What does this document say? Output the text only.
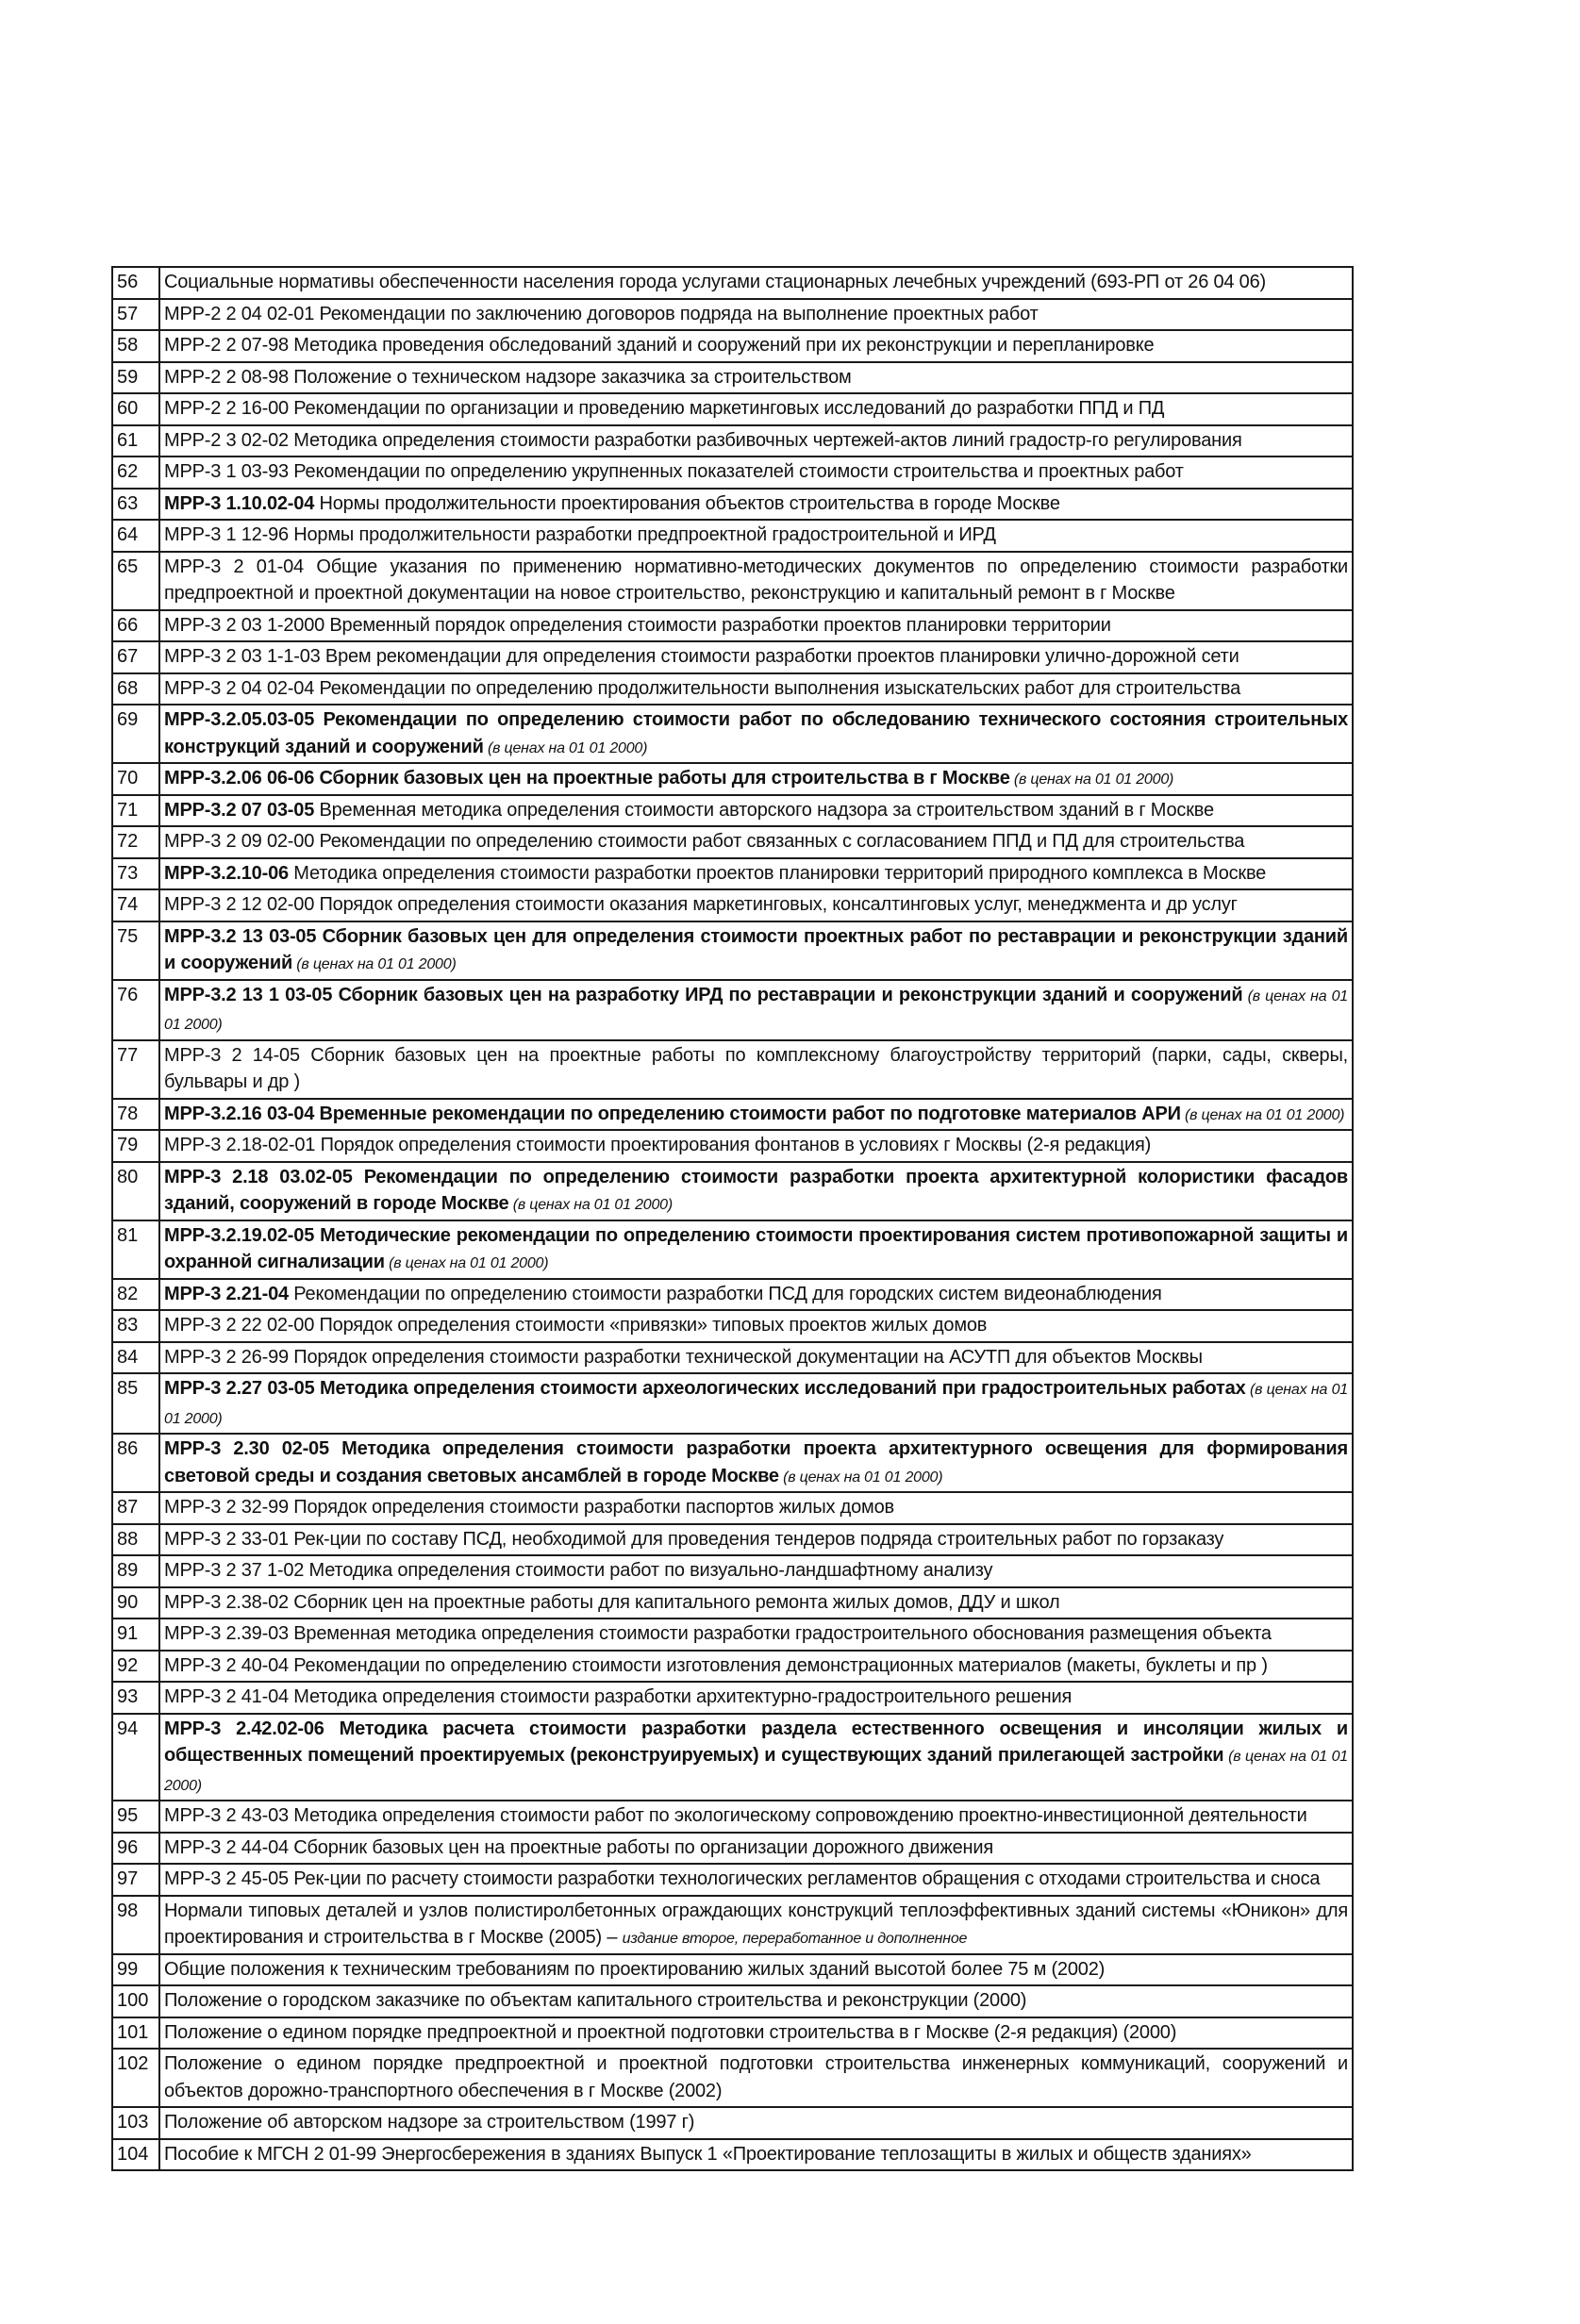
56	Социальные нормативы обеспеченности населения города услугами стационарных лечебных учреждений (693-РП от 26 04 06)
57	МРР-2 2 04 02-01 Рекомендации по заключению договоров подряда на выполнение проектных работ
58	МРР-2 2 07-98 Методика проведения обследований зданий и сооружений при их реконструкции и перепланировке
59	МРР-2 2 08-98 Положение о техническом надзоре заказчика за строительством
60	МРР-2 2 16-00 Рекомендации по организации и проведению маркетинговых исследований до разработки ППД и ПД
61	МРР-2 3 02-02 Методика определения стоимости разработки разбивочных чертежей-актов линий градостр-го регулирования
62	МРР-3 1 03-93 Рекомендации по определению укрупненных показателей стоимости строительства и проектных работ
63	МРР-3 1.10.02-04 Нормы продолжительности проектирования объектов строительства в городе Москве
64	МРР-3 1 12-96 Нормы продолжительности разработки предпроектной градостроительной и ИРД
65	МРР-3 2 01-04 Общие указания по применению нормативно-методических документов по определению стоимости разработки предпроектной и проектной документации на новое строительство, реконструкцию и капитальный ремонт в г Москве
66	МРР-3 2 03 1-2000 Временный порядок определения стоимости разработки проектов планировки территории
67	МРР-3 2 03 1-1-03 Врем рекомендации для определения стоимости разработки проектов планировки улично-дорожной сети
68	МРР-3 2 04 02-04 Рекомендации по определению продолжительности выполнения изыскательских работ для строительства
69	МРР-3.2.05.03-05 Рекомендации по определению стоимости работ по обследованию технического состояния строительных конструкций зданий и сооружений (в ценах на 01 01 2000)
70	МРР-3.2.06 06-06 Сборник базовых цен на проектные работы для строительства в г Москве (в ценах на 01 01 2000)
71	МРР-3.2 07 03-05 Временная методика определения стоимости авторского надзора за строительством зданий в г Москве
72	МРР-3 2 09 02-00 Рекомендации по определению стоимости работ связанных с согласованием ППД и ПД для строительства
73	МРР-3.2.10-06 Методика определения стоимости разработки проектов планировки территорий природного комплекса в Москве
74	МРР-3 2 12 02-00 Порядок определения стоимости оказания маркетинговых, консалтинговых услуг, менеджмента и др услуг
75	МРР-3.2 13 03-05 Сборник базовых цен для определения стоимости проектных работ по реставрации и реконструкции зданий и сооружений (в ценах на 01 01 2000)
76	МРР-3.2 13 1 03-05 Сборник базовых цен на разработку ИРД по реставрации и реконструкции зданий и сооружений (в ценах на 01 01 2000)
77	МРР-3 2 14-05 Сборник базовых цен на проектные работы по комплексному благоустройству территорий (парки, сады, скверы, бульвары и др )
78	МРР-3.2.16 03-04 Временные рекомендации по определению стоимости работ по подготовке материалов АРИ (в ценах на 01 01 2000)
79	МРР-3 2.18-02-01 Порядок определения стоимости проектирования фонтанов в условиях г Москвы (2-я редакция)
80	МРР-3 2.18 03.02-05 Рекомендации по определению стоимости разработки проекта архитектурной колористики фасадов зданий, сооружений в городе Москве (в ценах на 01 01 2000)
81	МРР-3.2.19.02-05 Методические рекомендации по определению стоимости проектирования систем противопожарной защиты и охранной сигнализации (в ценах на 01 01 2000)
82	МРР-3 2.21-04 Рекомендации по определению стоимости разработки ПСД для городских систем видеонаблюдения
83	МРР-3 2 22 02-00 Порядок определения стоимости «привязки» типовых проектов жилых домов
84	МРР-3 2 26-99 Порядок определения стоимости разработки технической документации на АСУТП для объектов Москвы
85	МРР-3 2.27 03-05 Методика определения стоимости археологических исследований при градостроительных работах (в ценах на 01 01 2000)
86	МРР-3 2.30 02-05 Методика определения стоимости разработки проекта архитектурного освещения для формирования световой среды и создания световых ансамблей в городе Москве (в ценах на 01 01 2000)
87	МРР-3 2 32-99 Порядок определения стоимости разработки паспортов жилых домов
88	МРР-3 2 33-01 Рек-ции по составу ПСД, необходимой для проведения тендеров подряда строительных работ по горзаказу
89	МРР-3 2 37 1-02 Методика определения стоимости работ по визуально-ландшафтному анализу
90	МРР-3 2.38-02 Сборник цен на проектные работы для капитального ремонта жилых домов, ДДУ и школ
91	МРР-3 2.39-03 Временная методика определения стоимости разработки градостроительного обоснования размещения объекта
92	МРР-3 2 40-04 Рекомендации по определению стоимости изготовления демонстрационных материалов (макеты, буклеты и пр )
93	МРР-3 2 41-04 Методика определения стоимости разработки архитектурно-градостроительного решения
94	МРР-3 2.42.02-06 Методика расчета стоимости разработки раздела естественного освещения и инсоляции жилых и общественных помещений проектируемых (реконструируемых) и существующих зданий прилегающей застройки (в ценах на 01 01 2000)
95	МРР-3 2 43-03 Методика определения стоимости работ по экологическому сопровождению проектно-инвестиционной деятельности
96	МРР-3 2 44-04 Сборник базовых цен на проектные работы по организации дорожного движения
97	МРР-3 2 45-05 Рек-ции по расчету стоимости разработки технологических регламентов обращения с отходами строительства и сноса
98	Нормали типовых деталей и узлов полистиролбетонных ограждающих конструкций теплоэффективных зданий системы «Юникон» для проектирования и строительства в г Москве (2005) – издание второе, переработанное и дополненное
99	Общие положения к техническим требованиям по проектированию жилых зданий высотой более 75 м (2002)
100	Положение о городском заказчике по объектам капитального строительства и реконструкции (2000)
101	Положение о едином порядке предпроектной и проектной подготовки строительства в г Москве (2-я редакция) (2000)
102	Положение о едином порядке предпроектной и проектной подготовки строительства инженерных коммуникаций, сооружений и объектов дорожно-транспортного обеспечения в г Москве (2002)
103	Положение об авторском надзоре за строительством (1997 г)
104	Пособие к МГСН 2 01-99 Энергосбережения в зданиях Выпуск 1 «Проектирование теплозащиты в жилых и обществ зданиях»
